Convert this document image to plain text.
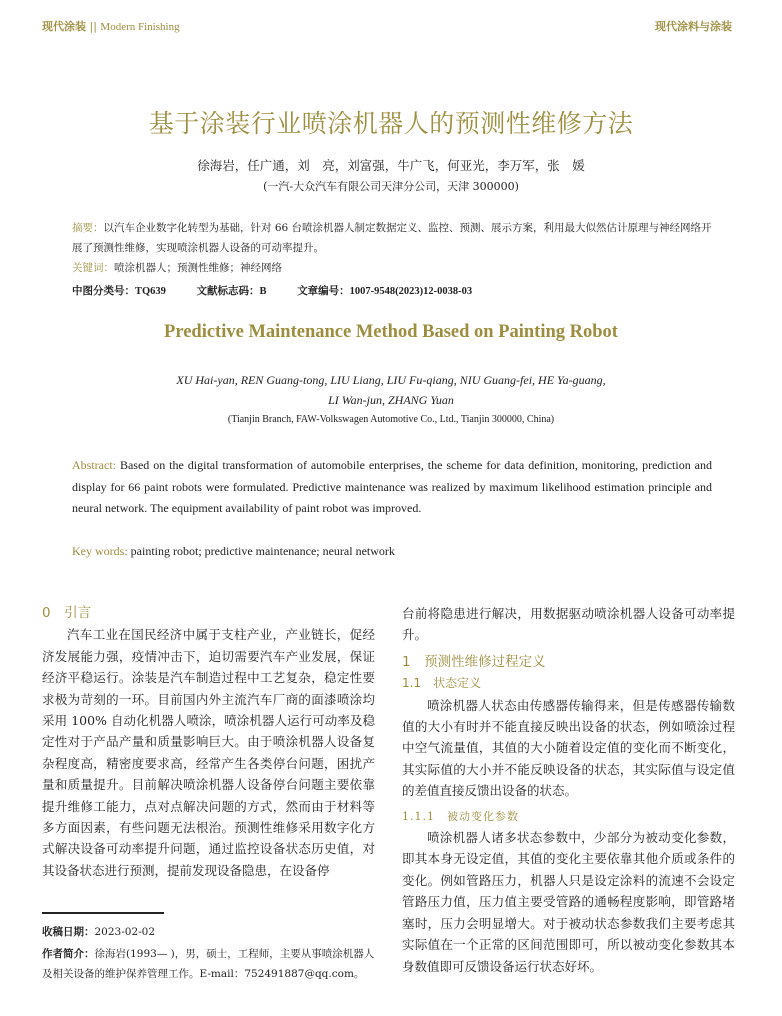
现代涂装 || Modern Finishing	现代涂料与涂装
基于涂装行业喷涂机器人的预测性维修方法
徐海岩，任广通，刘　亮，刘富强，牛广飞，何亚光，李万军，张　媛
(一汽-大众汽车有限公司天津分公司，天津 300000)
摘要：以汽车企业数字化转型为基础，针对 66 台喷涂机器人制定数据定义、监控、预测、展示方案，利用最大似然估计原理与神经网络开展了预测性维修，实现喷涂机器人设备的可动率提升。
关键词：喷涂机器人；预测性维修；神经网络
中图分类号：TQ639	文献标志码：B	文章编号：1007-9548(2023)12-0038-03
Predictive Maintenance Method Based on Painting Robot
XU Hai-yan, REN Guang-tong, LIU Liang, LIU Fu-qiang, NIU Guang-fei, HE Ya-guang,
LI Wan-jun, ZHANG Yuan
(Tianjin Branch, FAW-Volkswagen Automotive Co., Ltd., Tianjin 300000, China)
Abstract: Based on the digital transformation of automobile enterprises, the scheme for data definition, monitoring, prediction and display for 66 paint robots were formulated. Predictive maintenance was realized by maximum likelihood estimation principle and neural network. The equipment availability of paint robot was improved.
Key words: painting robot; predictive maintenance; neural network

0　引言

汽车工业在国民经济中属于支柱产业，产业链长，促经济发展能力强，疫情冲击下，迫切需要汽车产业发展，保证经济平稳运行。涂装是汽车制造过程中工艺复杂，稳定性要求极为苛刻的一环。目前国内外主流汽车厂商的面漆喷涂均采用 100% 自动化机器人喷涂，喷涂机器人运行可动率及稳定性对于产品产量和质量影响巨大。由于喷涂机器人设备复杂程度高，精密度要求高，经常产生各类停台问题，困扰产量和质量提升。目前解决喷涂机器人设备停台问题主要依靠提升维修工能力，点对点解决问题的方式，然而由于材料等多方面因素，有些问题无法根治。预测性维修采用数字化方式解决设备可动率提升问题，通过监控设备状态历史值，对其设备状态进行预测，提前发现设备隐患，在设备停

台前将隐患进行解决，用数据驱动喷涂机器人设备可动率提升。

1　预测性维修过程定义

1.1　状态定义

喷涂机器人状态由传感器传输得来，但是传感器传输数值的大小有时并不能直接反映出设备的状态，例如喷涂过程中空气流量值，其值的大小随着设定值的变化而不断变化，其实际值的大小并不能反映设备的状态，其实际值与设定值的差值直接反馈出设备的状态。

1.1.1　被动变化参数

喷涂机器人诸多状态参数中，少部分为被动变化参数，即其本身无设定值，其值的变化主要依靠其他介质或条件的变化。例如管路压力，机器人只是设定涂料的流速不会设定管路压力值，压力值主要受管路的通畅程度影响，即管路堵塞时，压力会明显增大。对于被动状态参数我们主要考虑其实际值在一个正常的区间范围即可，所以被动变化参数其本身数值即可反馈设备运行状态好坏。

收稿日期：2023-02-02
作者简介：徐海岩(1993— )，男，硕士，工程师，主要从事喷涂机器人及相关设备的维护保养管理工作。E-mail：752491887@qq.com。
